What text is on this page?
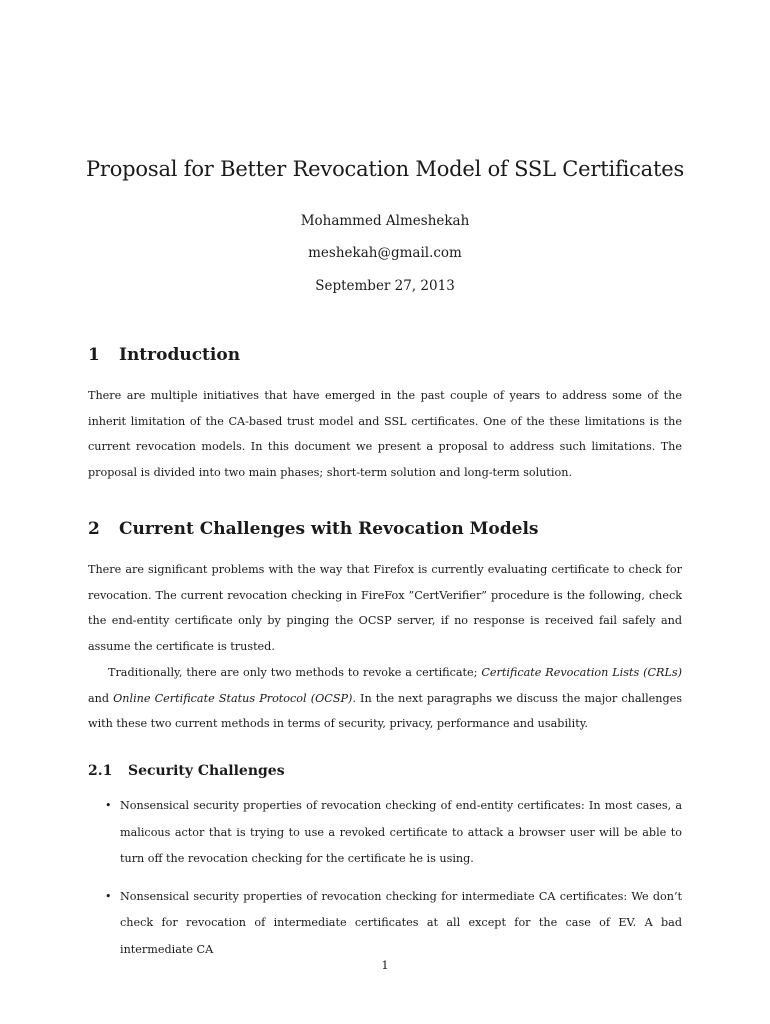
Proposal for Better Revocation Model of SSL Certificates

Mohammed Almeshekah

meshekah@gmail.com

September 27, 2013

1 Introduction

There are multiple initiatives that have emerged in the past couple of years to address some of the inherit limitation of the CA-based trust model and SSL certificates. One of the these limitations is the current revocation models. In this document we present a proposal to address such limitations. The proposal is divided into two main phases; short-term solution and long-term solution.

2 Current Challenges with Revocation Models

There are significant problems with the way that Firefox is currently evaluating certificate to check for revocation. The current revocation checking in FireFox ”CertVerifier” procedure is the following, check the end-entity certificate only by pinging the OCSP server, if no response is received fail safely and assume the certificate is trusted.

Traditionally, there are only two methods to revoke a certificate; Certificate Revocation Lists (CRLs) and Online Certificate Status Protocol (OCSP). In the next paragraphs we discuss the major challenges with these two current methods in terms of security, privacy, performance and usability.

2.1 Security Challenges
• Nonsensical security properties of revocation checking of end-entity certificates: In most cases, a malicous actor that is trying to use a revoked certificate to attack a browser user will be able to turn off the revocation checking for the certificate he is using.
• Nonsensical security properties of revocation checking for intermediate CA certificates: We don’t check for revocation of intermediate certificates at all except for the case of EV. A bad intermediate CA

1
